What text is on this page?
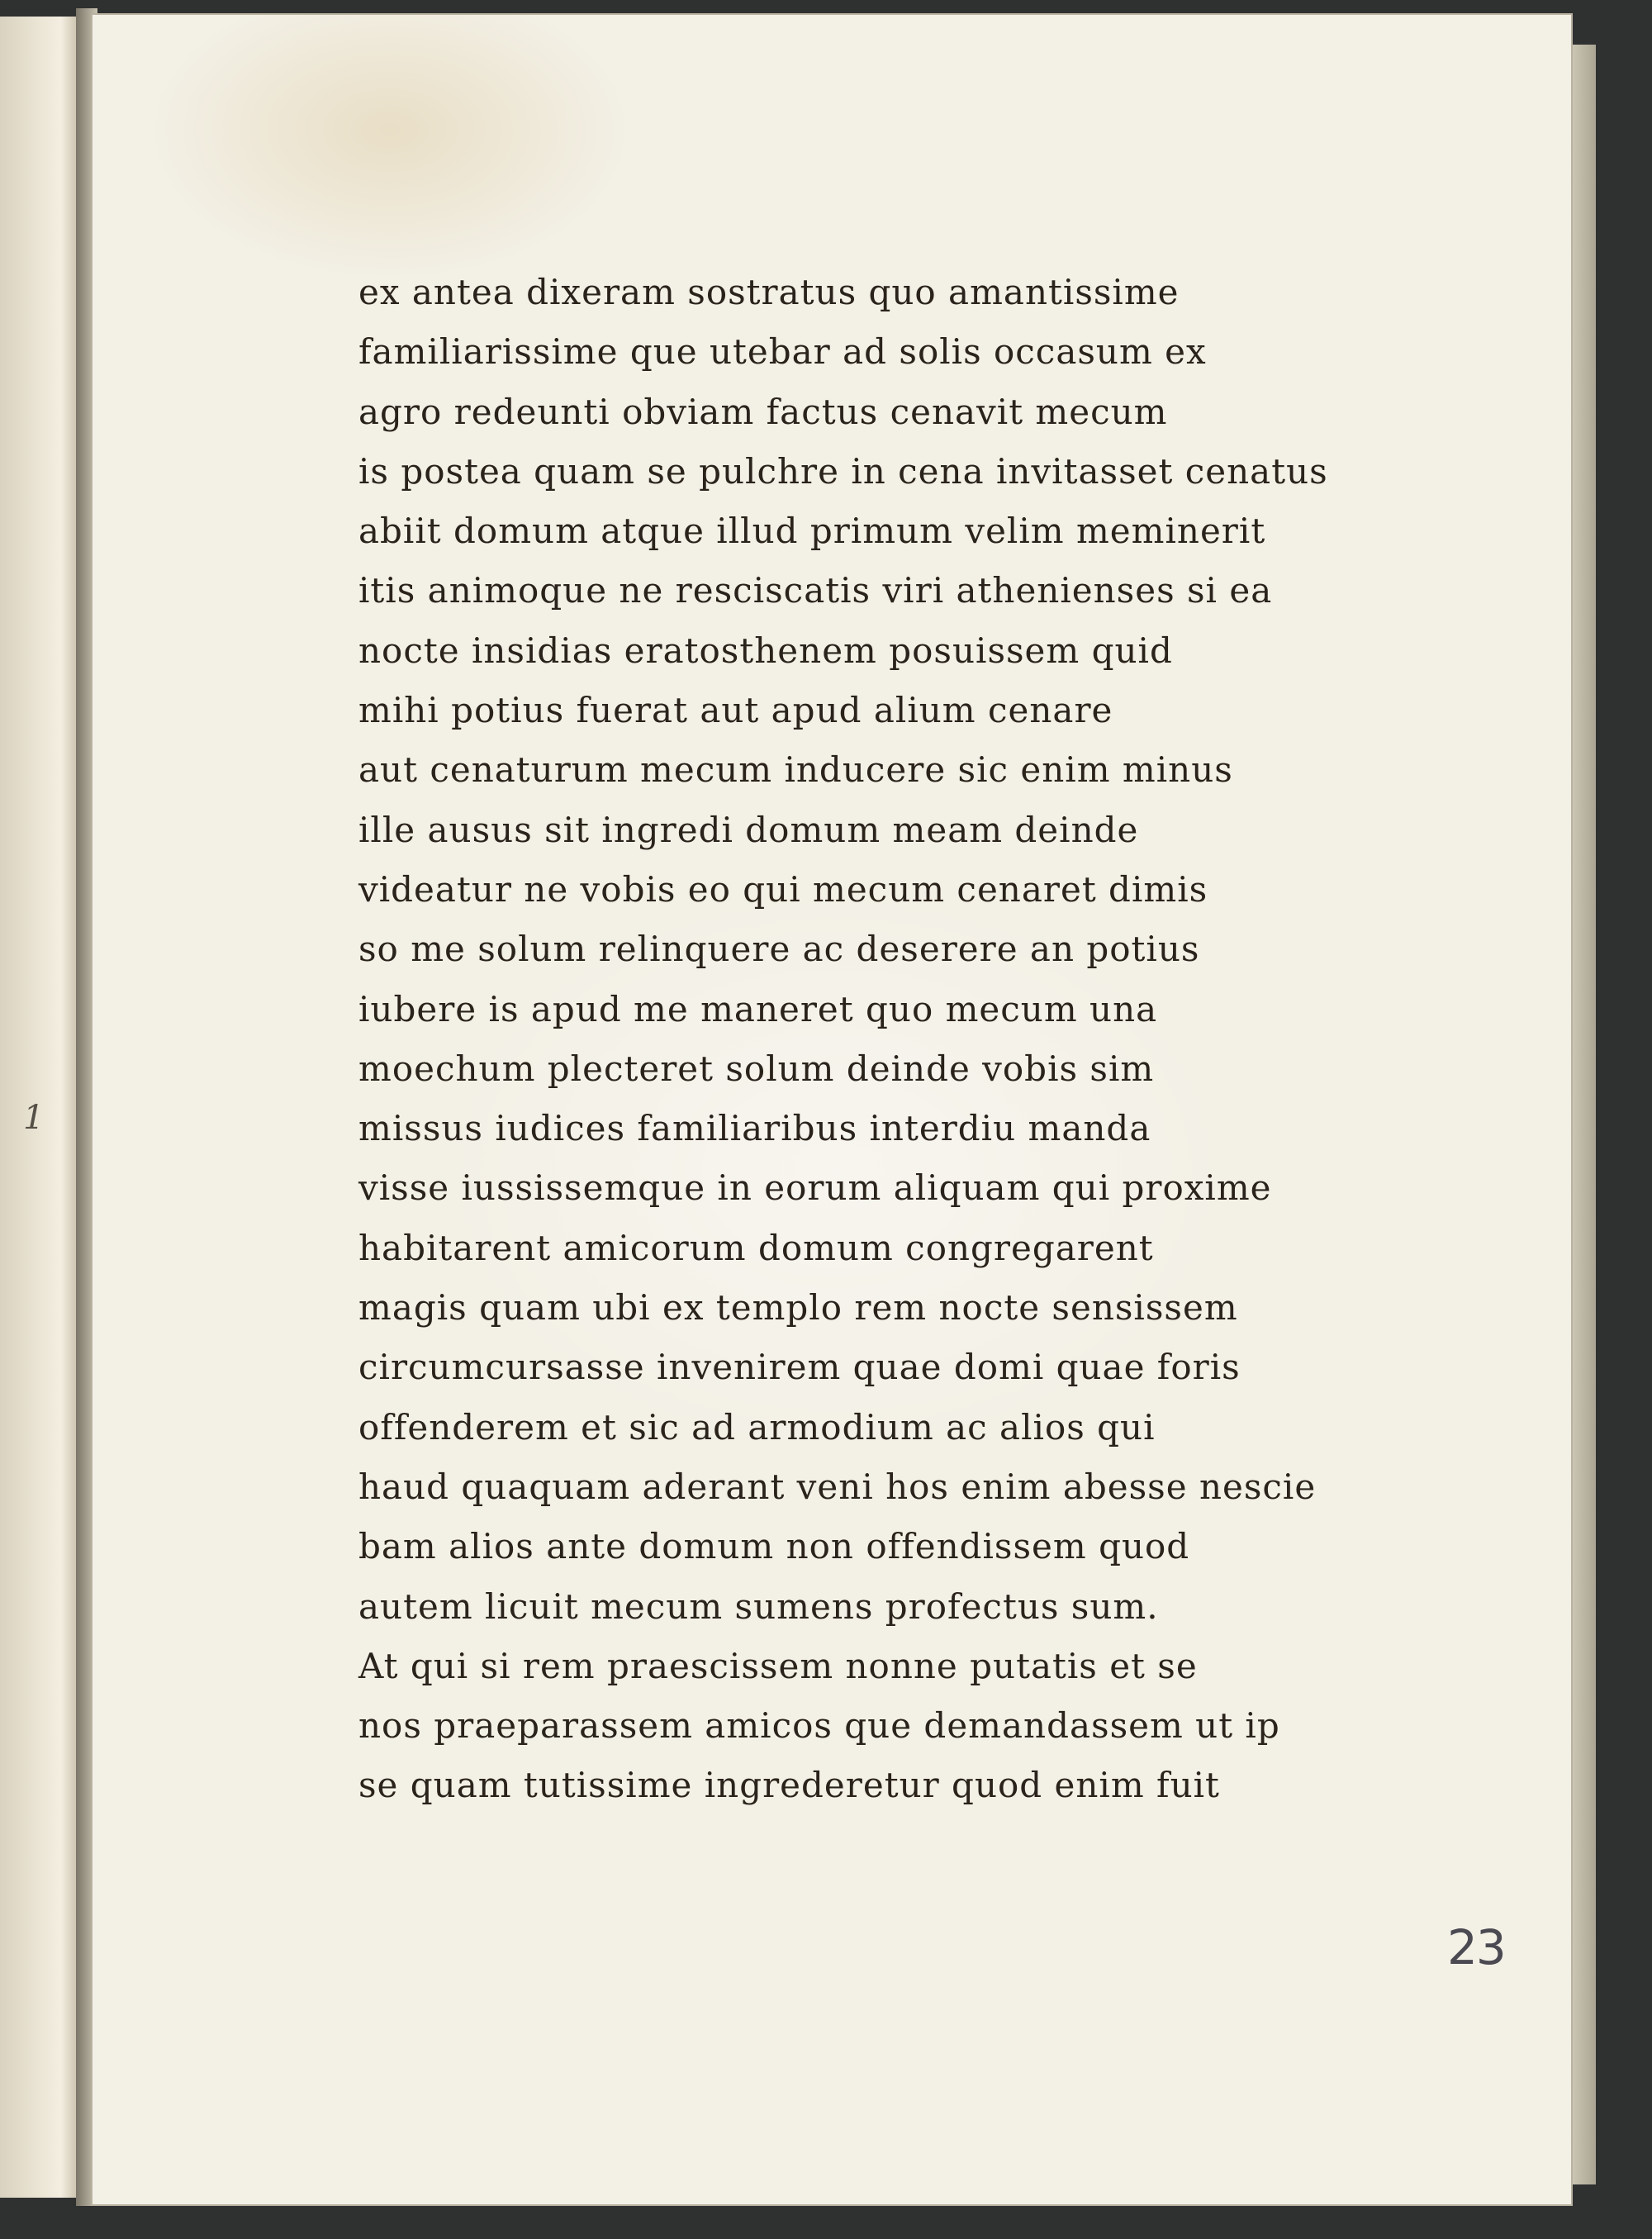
1
ex antea dixeram sostratus quo amantissime
familiarissime que utebar ad solis occasum ex
agro redeunti obviam factus cenavit mecum
is postea quam se pulchre in cena invitasset cenatus
abiit domum atque illud primum velim meminerit
itis animoque ne resciscatis viri athenienses si ea
nocte insidias eratosthenem posuissem quid
mihi potius fuerat aut apud alium cenare
aut cenaturum mecum inducere sic enim minus
ille ausus sit ingredi domum meam deinde
videatur ne vobis eo qui mecum cenaret dimis
so me solum relinquere ac deserere an potius
iubere is apud me maneret quo mecum una
moechum plecteret solum deinde vobis sim
missus iudices familiaribus interdiu manda
visse iussissemque in eorum aliquam qui proxime
habitarent amicorum domum congregarent
magis quam ubi ex templo rem nocte sensissem
circumcursasse invenirem quae domi quae foris
offenderem et sic ad armodium ac alios qui
haud quaquam aderant veni hos enim abesse nescie
bam alios ante domum non offendissem quod
autem licuit mecum sumens profectus sum.
At qui si rem praescissem nonne putatis et se
nos praeparassem amicos que demandassem ut ip
se quam tutissime ingrederetur quod enim fuit
23
